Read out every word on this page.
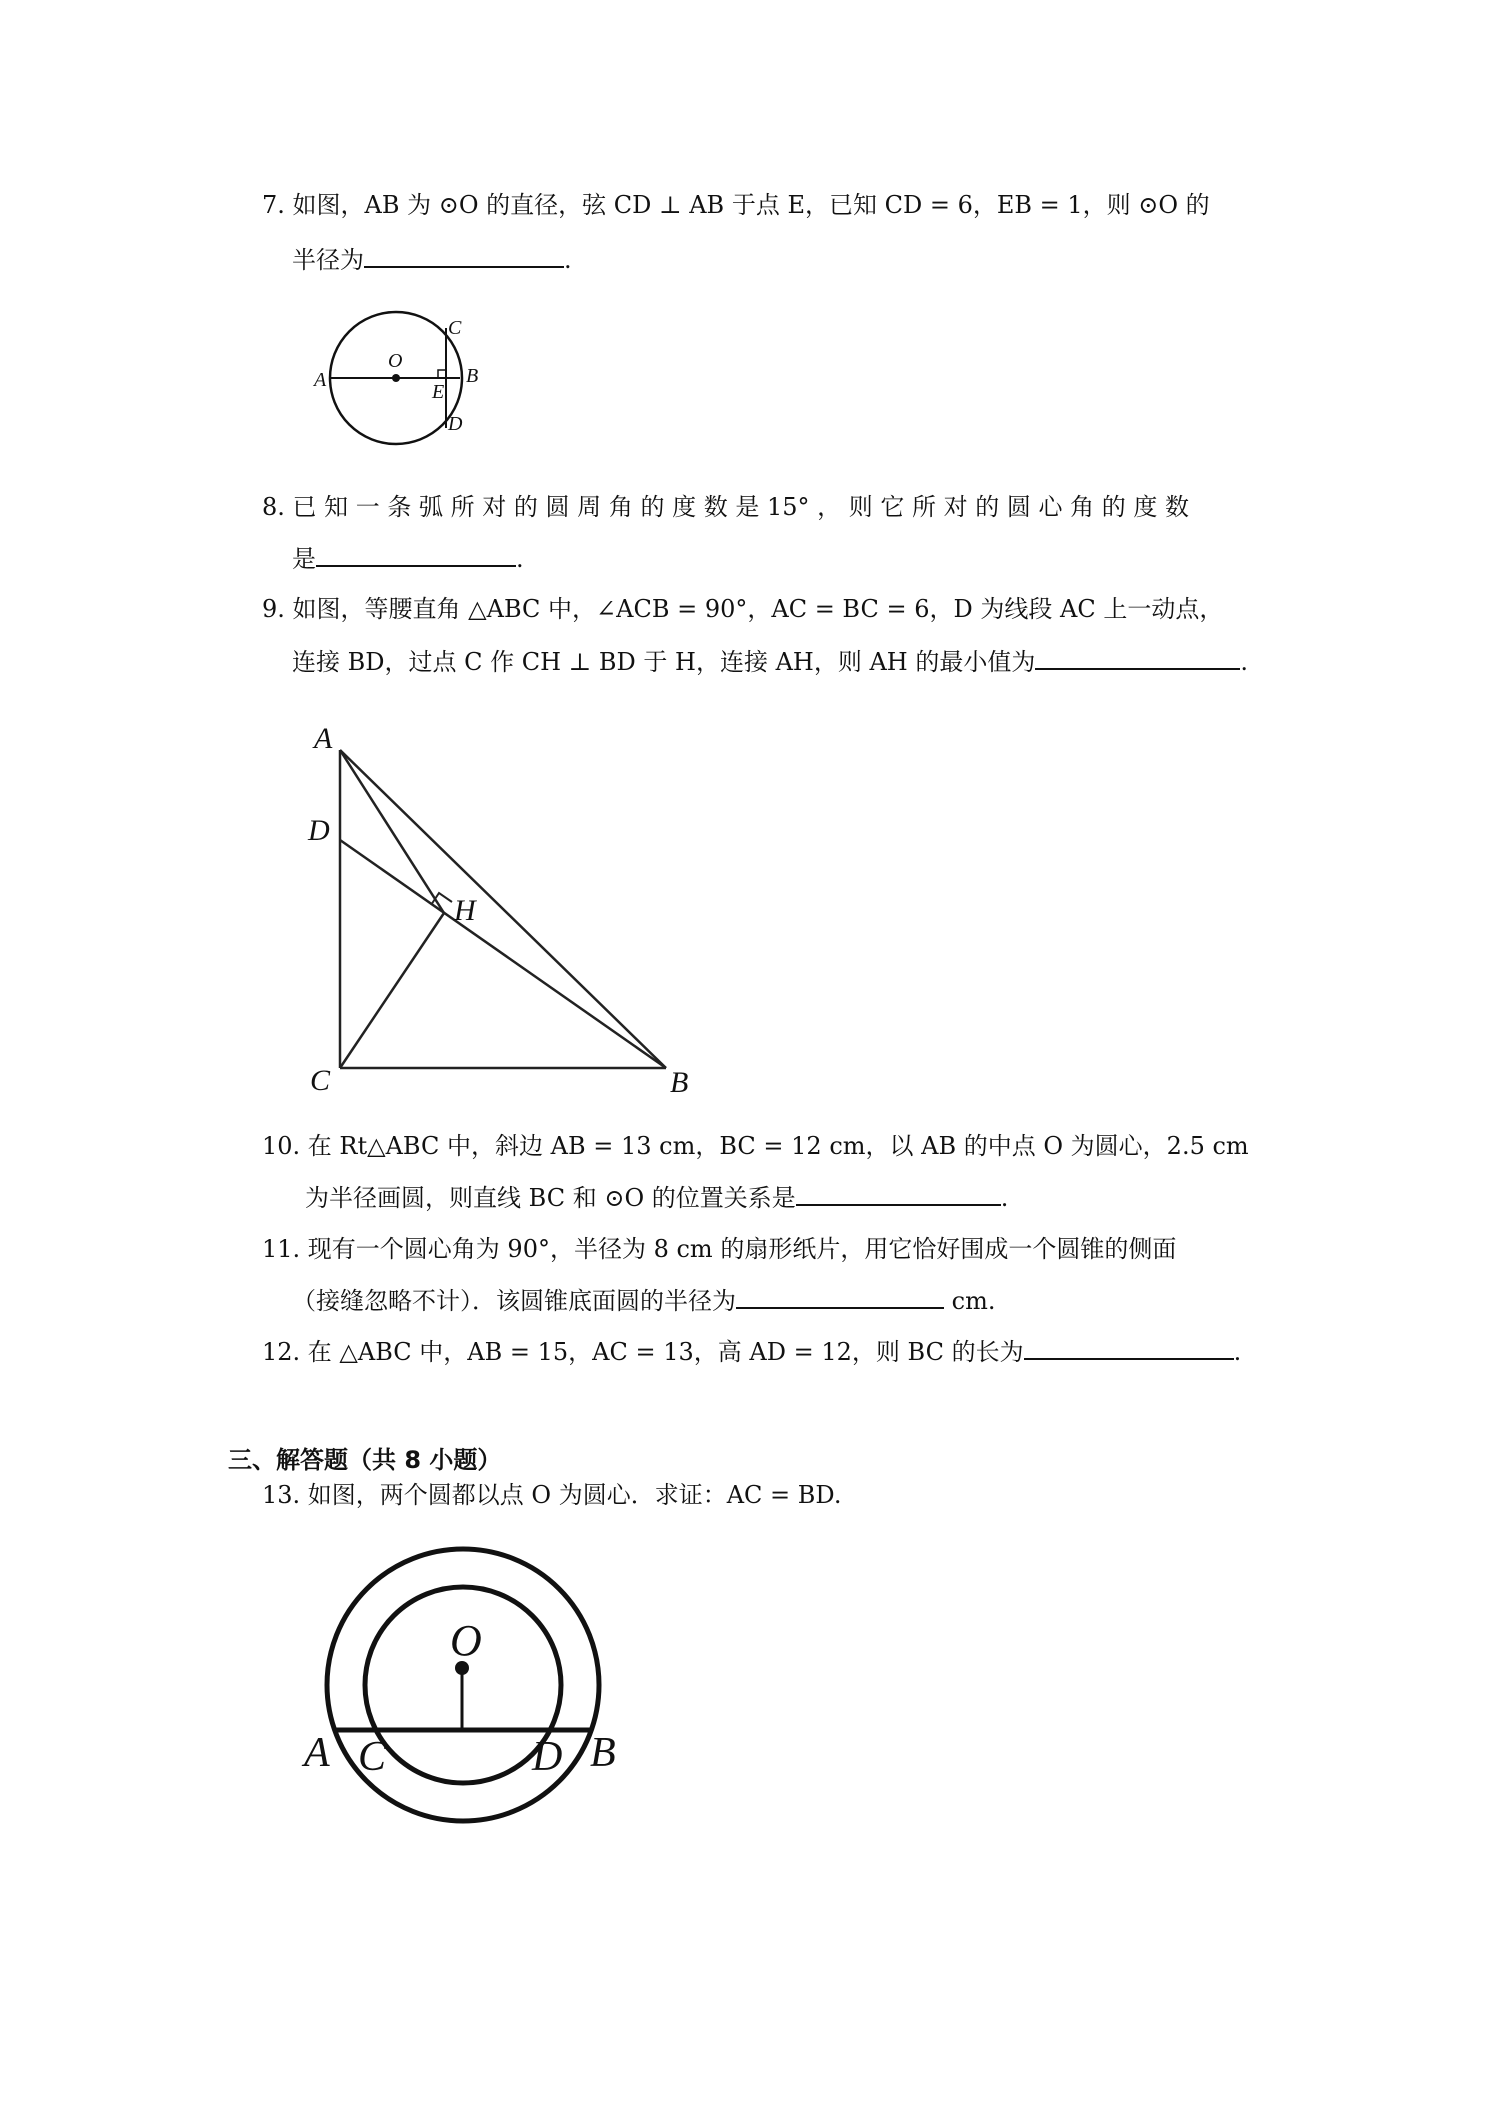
7. 如图，AB 为 ⊙O 的直径，弦 CD ⊥ AB 于点 E，已知 CD = 6，EB = 1，则 ⊙O 的
半径为	.
A	B
C
D
E
O
8. 已 知 一 条 弧 所 对 的 圆 周 角 的 度 数 是 15° ， 则 它 所 对 的 圆 心 角 的 度 数
是	.
9. 如图，等腰直角 △ABC 中，∠ACB = 90°，AC = BC = 6，D 为线段 AC 上一动点，
连接 BD，过点 C 作 CH ⊥ BD 于 H，连接 AH，则 AH 的最小值为	.
A
D
H
C	B
10. 在 Rt△ABC 中，斜边 AB = 13 cm，BC = 12 cm，以 AB 的中点 O 为圆心，2.5 cm
为半径画圆，则直线 BC 和 ⊙O 的位置关系是	.
11. 现有一个圆心角为 90°，半径为 8 cm 的扇形纸片，用它恰好围成一个圆锥的侧面
（接缝忽略不计）．该圆锥底面圆的半径为	cm.
12. 在 △ABC 中，AB = 15，AC = 13，高 AD = 12，则 BC 的长为	.
三、解答题（共 8 小题）
13. 如图，两个圆都以点 O 为圆心．求证：AC = BD.
O
A C	D B
